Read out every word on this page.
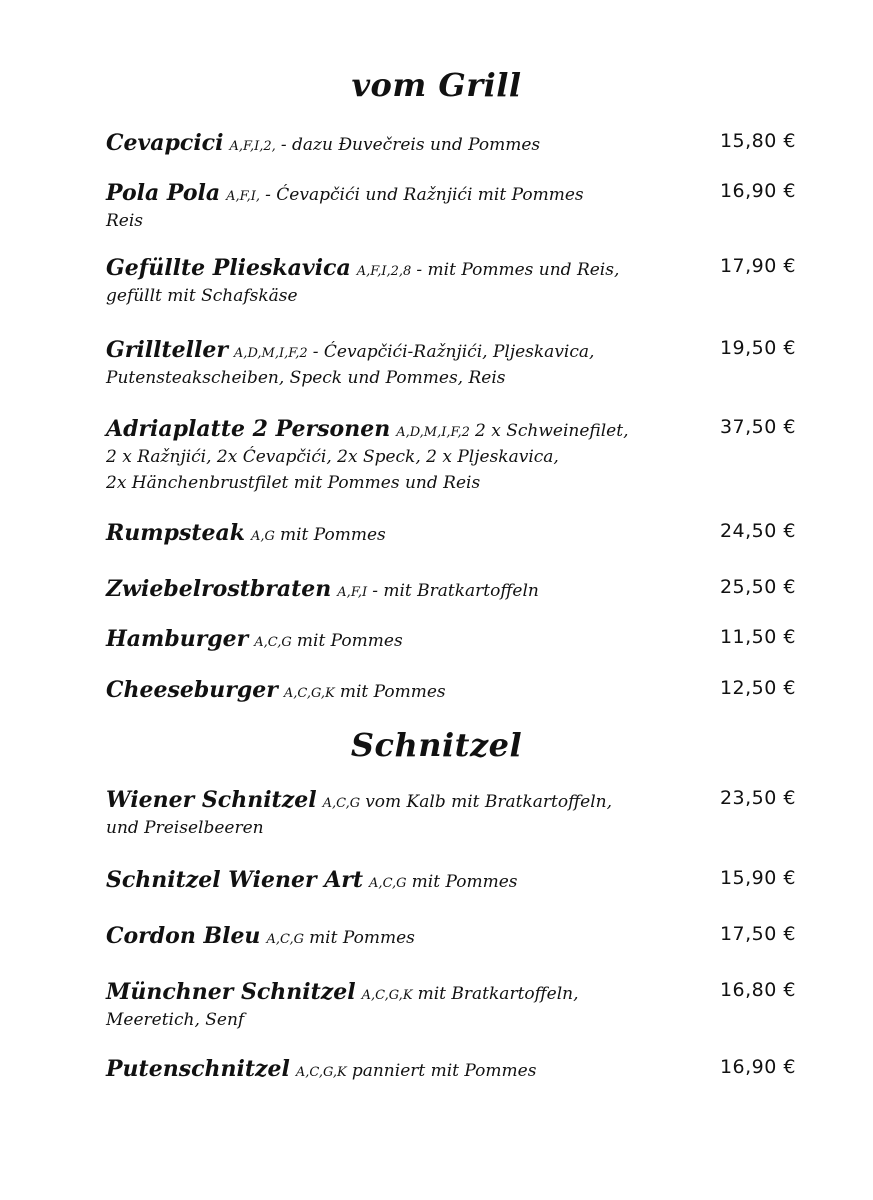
vom Grill
Cevapcici A,F,I,2, - dazu Đuvečreis und Pommes	15,80 €
Pola Pola A,F,I, - Ćevapčići und Ražnjići mit Pommes	16,90 €
Reis
Gefüllte Plieskavica A,F,I,2,8 - mit Pommes und Reis,	17,90 €
gefüllt mit Schafskäse
Grillteller A,D,M,I,F,2 - Ćevapčići-Ražnjići, Pljeskavica,	19,50 €
Putensteakscheiben, Speck und Pommes, Reis
Adriaplatte 2 Personen A,D,M,I,F,2 2 x Schweinefilet,	37,50 €
2 x Ražnjići, 2x Ćevapčići, 2x Speck, 2 x Pljeskavica,
2x Hänchenbrustfilet mit Pommes und Reis
Rumpsteak A,G mit Pommes	24,50 €
Zwiebelrostbraten A,F,I - mit Bratkartoffeln	25,50 €
Hamburger A,C,G mit Pommes	11,50 €
Cheeseburger A,C,G,K mit Pommes	12,50 €
Schnitzel
Wiener Schnitzel A,C,G vom Kalb mit Bratkartoffeln,	23,50 €
und Preiselbeeren
Schnitzel Wiener Art A,C,G mit Pommes	15,90 €
Cordon Bleu A,C,G mit Pommes	17,50 €
Münchner Schnitzel A,C,G,K mit Bratkartoffeln,	16,80 €
Meeretich, Senf
Putenschnitzel A,C,G,K panniert mit Pommes	16,90 €
